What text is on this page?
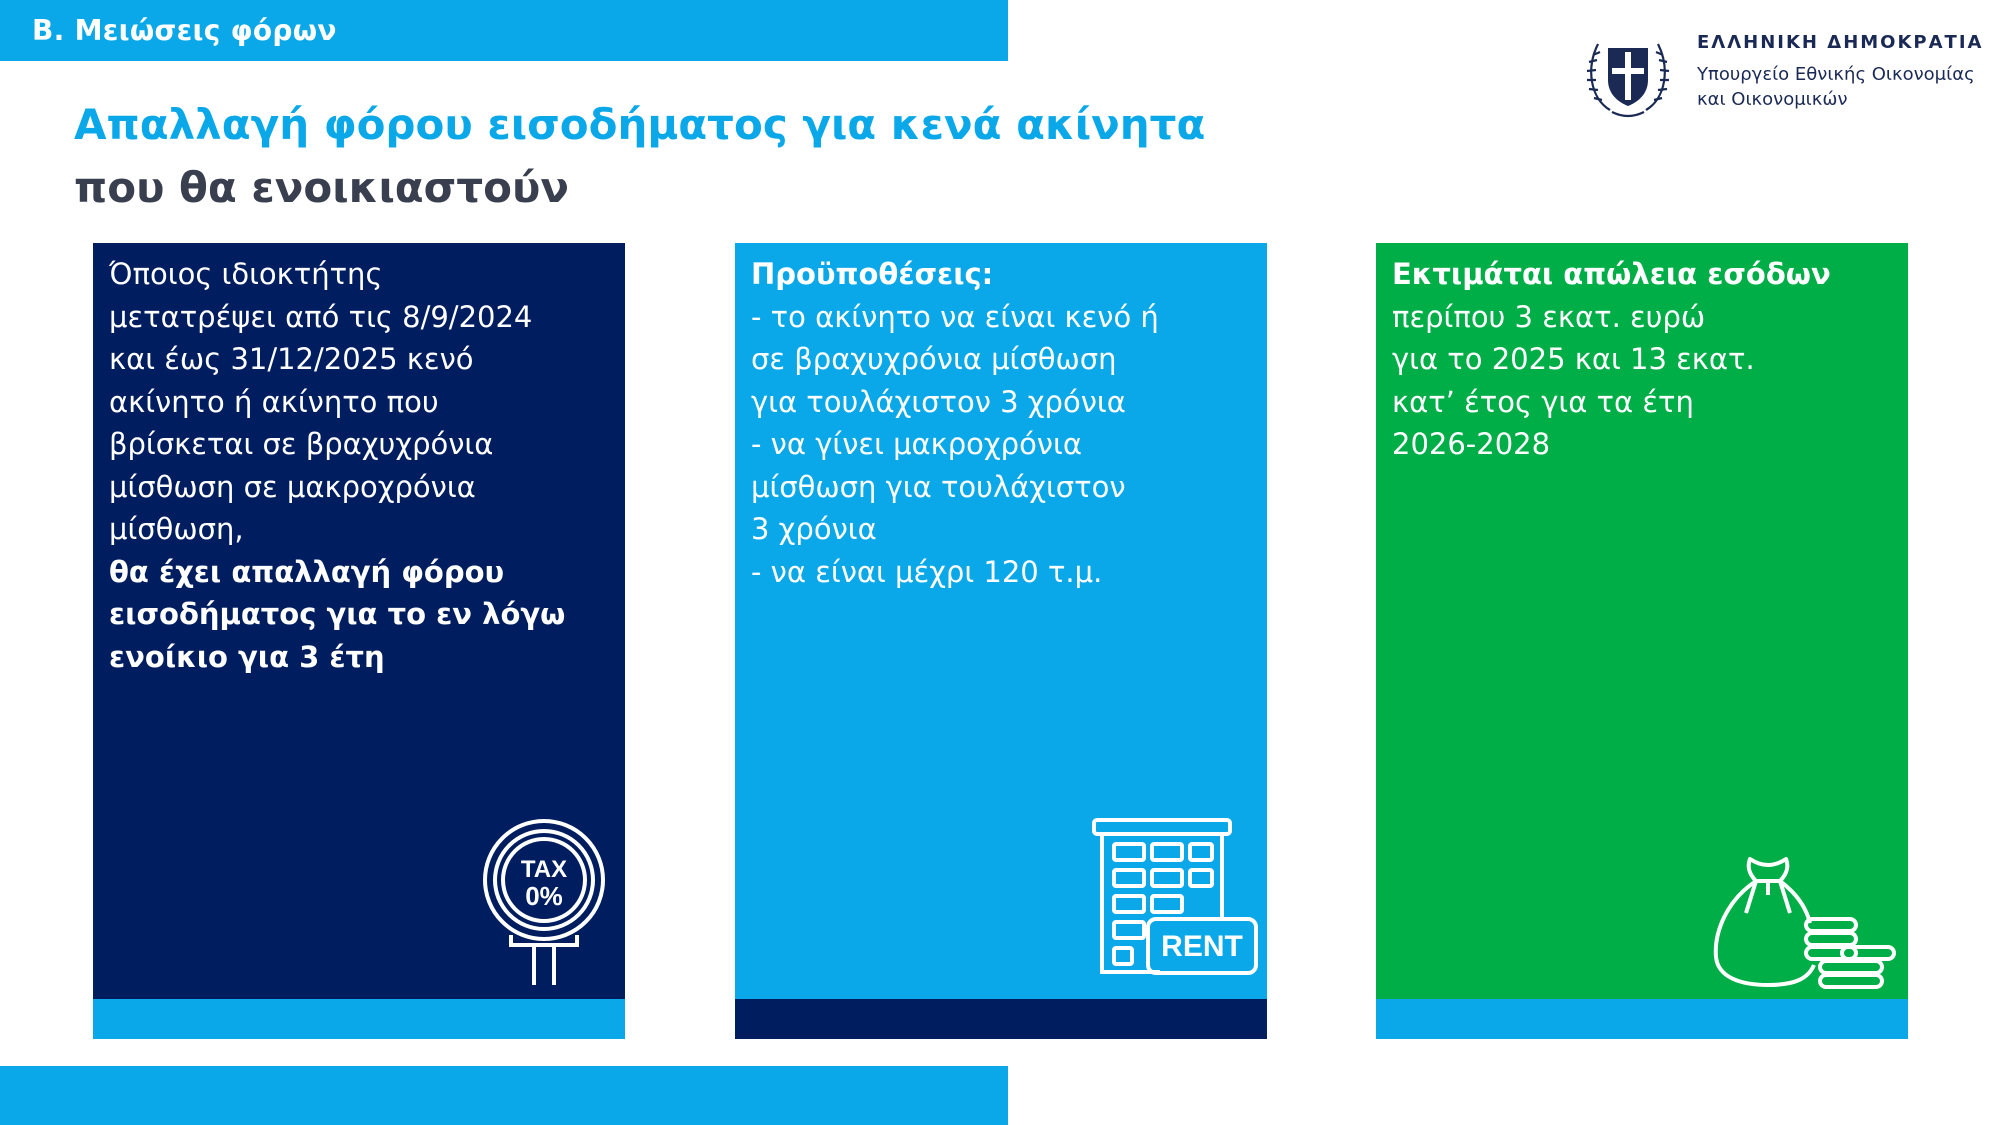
Β. Μειώσεις φόρων
Απαλλαγή φόρου εισοδήματος για κενά ακίνητα
που θα ενοικιαστούν
ΕΛΛΗΝΙΚΗ ΔΗΜΟΚΡΑΤΙΑ
Υπουργείο Εθνικής Οικονομίας
και Οικονομικών
Όποιος ιδιοκτήτης
μετατρέψει από τις 8/9/2024
και έως 31/12/2025 κενό
ακίνητο ή ακίνητο που
βρίσκεται σε βραχυχρόνια
μίσθωση σε μακροχρόνια
μίσθωση,
θα έχει απαλλαγή φόρου
εισοδήματος για το εν λόγω
ενοίκιο για 3 έτη
TAX
0%
Προϋποθέσεις:
- το ακίνητο να είναι κενό ή
σε βραχυχρόνια μίσθωση
για τουλάχιστον 3 χρόνια
- να γίνει μακροχρόνια
μίσθωση για τουλάχιστον
3 χρόνια
- να είναι μέχρι 120 τ.μ.
RENT
Εκτιμάται απώλεια εσόδων
περίπου 3 εκατ. ευρώ
για το 2025 και 13 εκατ.
κατ’ έτος για τα έτη
2026-2028
